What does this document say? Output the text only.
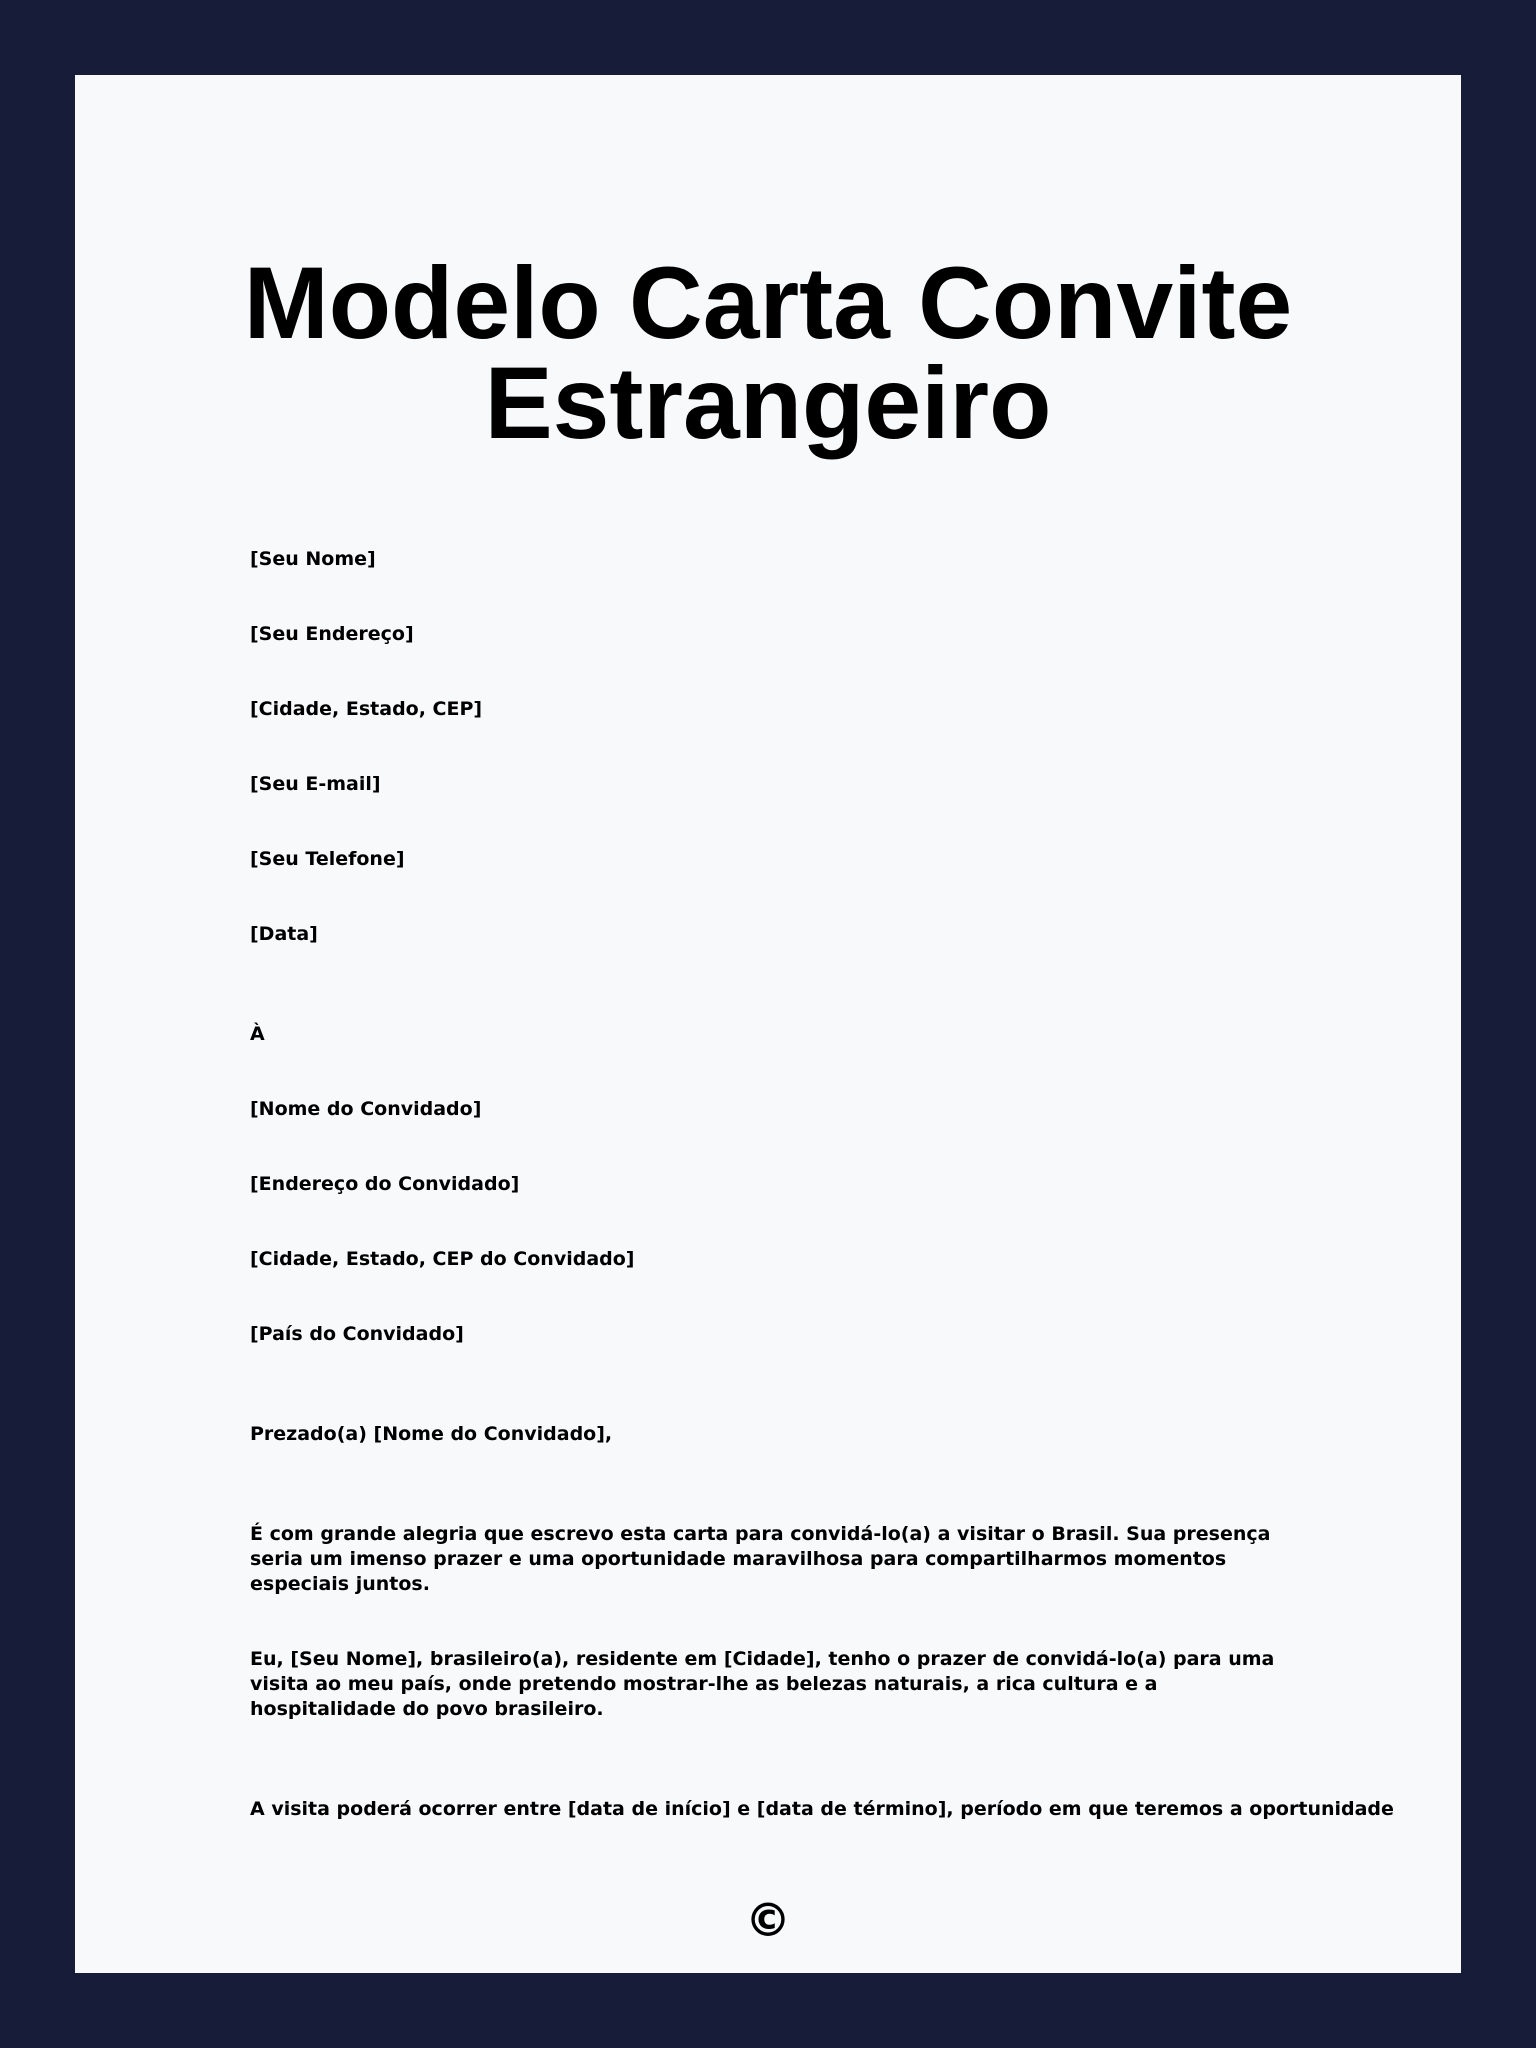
Modelo Carta Convite
Estrangeiro

[Seu Nome]

[Seu Endereço]

[Cidade, Estado, CEP]

[Seu E-mail]

[Seu Telefone]

[Data]

À

[Nome do Convidado]

[Endereço do Convidado]

[Cidade, Estado, CEP do Convidado]

[País do Convidado]

Prezado(a) [Nome do Convidado],

É com grande alegria que escrevo esta carta para convidá-lo(a) a visitar o Brasil. Sua presença seria um imenso prazer e uma oportunidade maravilhosa para compartilharmos momentos especiais juntos.

Eu, [Seu Nome], brasileiro(a), residente em [Cidade], tenho o prazer de convidá-lo(a) para uma visita ao meu país, onde pretendo mostrar-lhe as belezas naturais, a rica cultura e a hospitalidade do povo brasileiro.

A visita poderá ocorrer entre [data de início] e [data de término], período em que teremos a oportunidade

©
